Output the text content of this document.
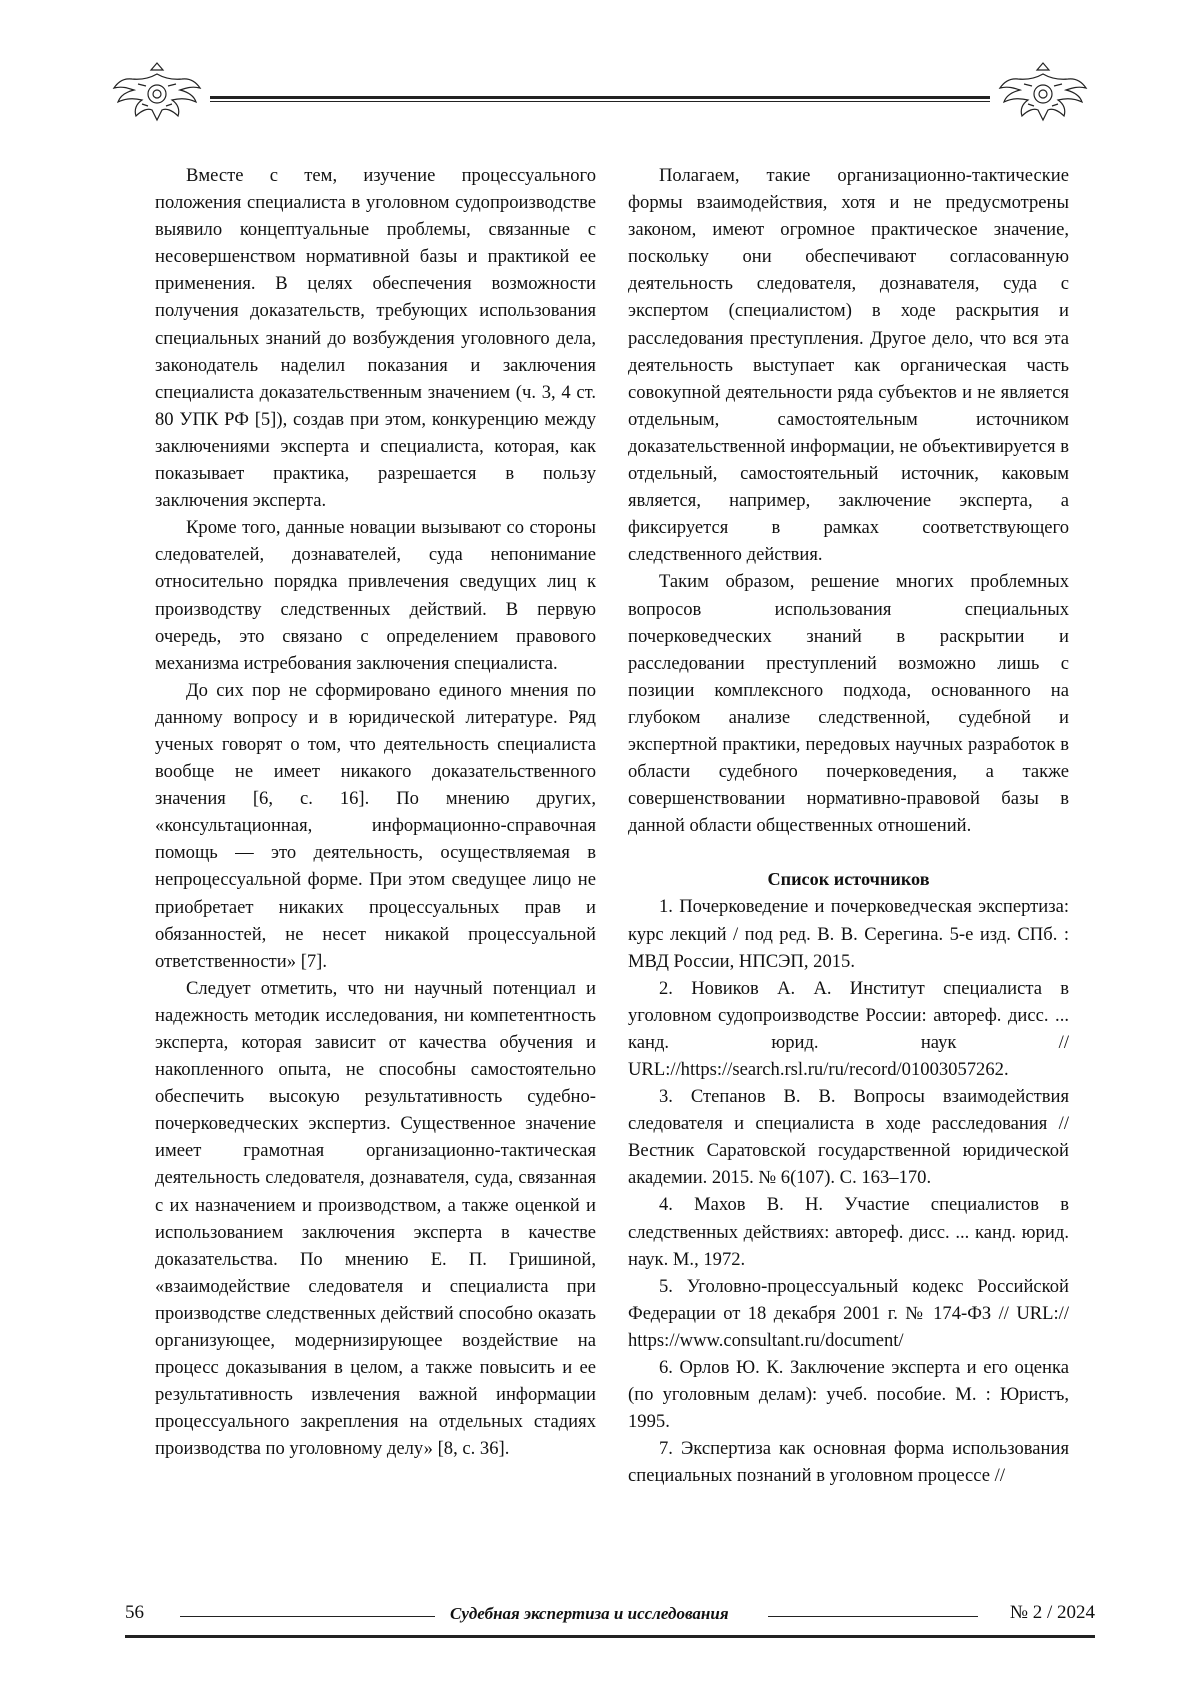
Вместе с тем, изучение процессуального положения специалиста в уголовном судопроизводстве выявило концептуальные проблемы, связанные с несовершенством нормативной базы и практикой ее применения. В целях обеспечения возможности получения доказательств, требующих использования специальных знаний до возбуждения уголовного дела, законодатель наделил показания и заключения специалиста доказательственным значением (ч. 3, 4 ст. 80 УПК РФ [5]), создав при этом, конкуренцию между заключениями эксперта и специалиста, которая, как показывает практика, разрешается в пользу заключения эксперта.

Кроме того, данные новации вызывают со стороны следователей, дознавателей, суда непонимание относительно порядка привлечения сведущих лиц к производству следственных действий. В первую очередь, это связано с определением правового механизма истребования заключения специалиста.

До сих пор не сформировано единого мнения по данному вопросу и в юридической литературе. Ряд ученых говорят о том, что деятельность специалиста вообще не имеет никакого доказательственного значения [6, с. 16]. По мнению других, «консультационная, информационно-справочная помощь — это деятельность, осуществляемая в непроцессуальной форме. При этом сведущее лицо не приобретает никаких процессуальных прав и обязанностей, не несет никакой процессуальной ответственности» [7].

Следует отметить, что ни научный потенциал и надежность методик исследования, ни компетентность эксперта, которая зависит от качества обучения и накопленного опыта, не способны самостоятельно обеспечить высокую результативность судебно-почерковедческих экспертиз. Существенное значение имеет грамотная организационно-тактическая деятельность следователя, дознавателя, суда, связанная с их назначением и производством, а также оценкой и использованием заключения эксперта в качестве доказательства. По мнению Е. П. Гришиной, «взаимодействие следователя и специалиста при производстве следственных действий способно оказать организующее, модернизирующее воздействие на процесс доказывания в целом, а также повысить и ее результативность извлечения важной информации процессуального закрепления на отдельных стадиях производства по уголовному делу» [8, с. 36].

Полагаем, такие организационно-тактические формы взаимодействия, хотя и не предусмотрены законом, имеют огромное практическое значение, поскольку они обеспечивают согласованную деятельность следователя, дознавателя, суда с экспертом (специалистом) в ходе раскрытия и расследования преступления. Другое дело, что вся эта деятельность выступает как органическая часть совокупной деятельности ряда субъектов и не является отдельным, самостоятельным источником доказательственной информации, не объективируется в отдельный, самостоятельный источник, каковым является, например, заключение эксперта, а фиксируется в рамках соответствующего следственного действия.

Таким образом, решение многих проблемных вопросов использования специальных почерковедческих знаний в раскрытии и расследовании преступлений возможно лишь с позиции комплексного подхода, основанного на глубоком анализе следственной, судебной и экспертной практики, передовых научных разработок в области судебного почерковедения, а также совершенствовании нормативно-правовой базы в данной области общественных отношений.

Список источников

1. Почерковедение и почерковедческая экспертиза: курс лекций / под ред. В. В. Серегина. 5-е изд. СПб. : МВД России, НПСЭП, 2015.

2. Новиков А. А. Институт специалиста в уголовном судопроизводстве России: автореф. дисс. ... канд. юрид. наук // URL://https://search.rsl.ru/ru/record/01003057262.

3. Степанов В. В. Вопросы взаимодействия следователя и специалиста в ходе расследования // Вестник Саратовской государственной юридической академии. 2015. № 6(107). С. 163–170.

4. Махов В. Н. Участие специалистов в следственных действиях: автореф. дисс. ... канд. юрид. наук. М., 1972.

5. Уголовно-процессуальный кодекс Российской Федерации от 18 декабря 2001 г. № 174-ФЗ // URL:// https://www.consultant.ru/document/

6. Орлов Ю. К. Заключение эксперта и его оценка (по уголовным делам): учеб. пособие. М. : Юристъ, 1995.

7. Экспертиза как основная форма использования специальных познаний в уголовном процессе //

56	Судебная экспертиза и исследования	№ 2 / 2024
